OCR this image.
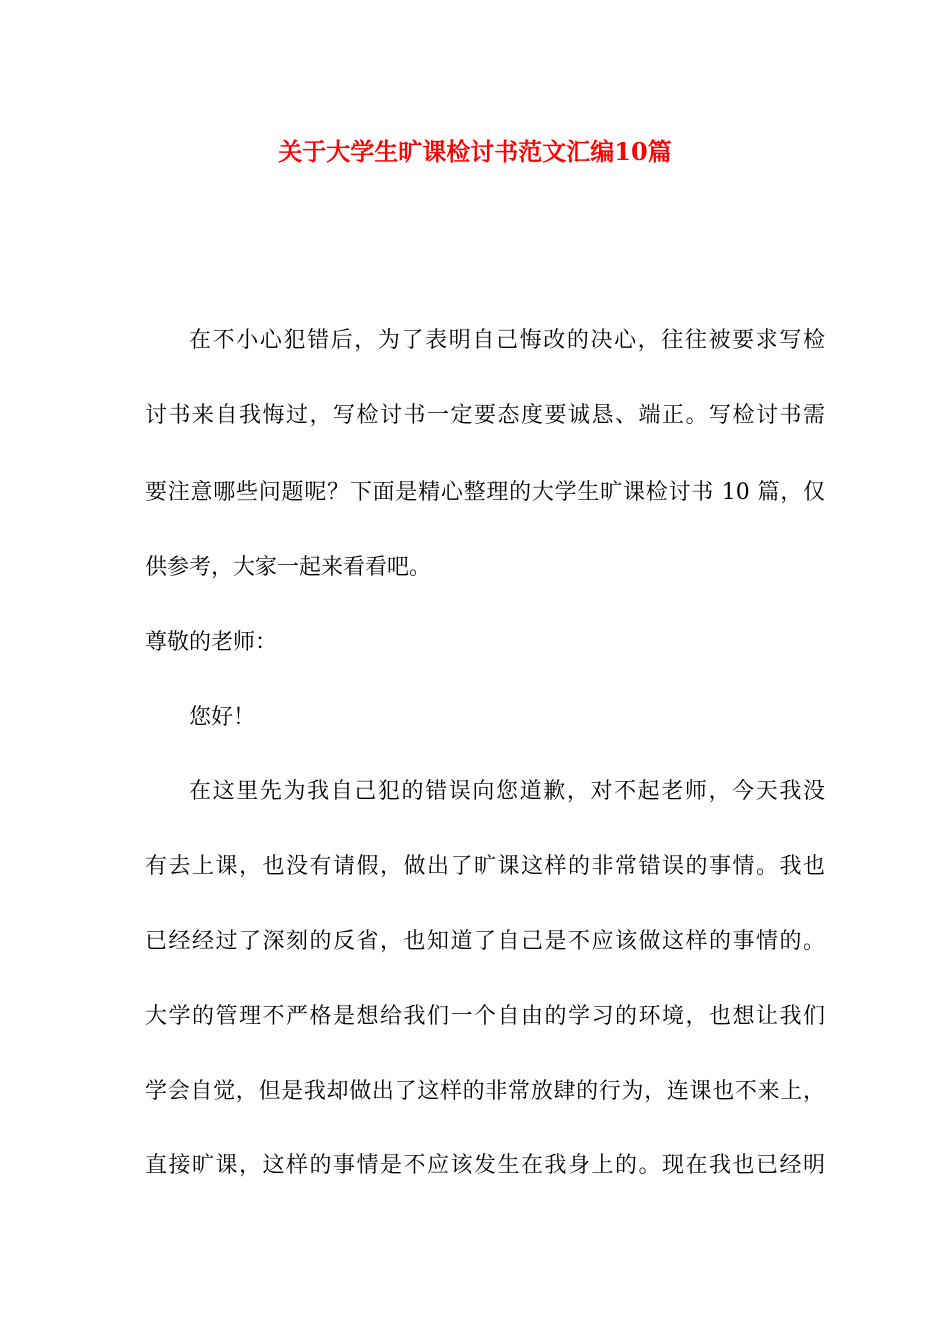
关于大学生旷课检讨书范文汇编10篇
在不小心犯错后，为了表明自己悔改的决心，往往被要求写检
讨书来自我悔过，写检讨书一定要态度要诚恳、端正。写检讨书需
要注意哪些问题呢？下面是精心整理的大学生旷课检讨书 10 篇，仅
供参考，大家一起来看看吧。
尊敬的老师：
您好！
在这里先为我自己犯的错误向您道歉，对不起老师，今天我没
有去上课，也没有请假，做出了旷课这样的非常错误的事情。我也
已经经过了深刻的反省，也知道了自己是不应该做这样的事情的。
大学的管理不严格是想给我们一个自由的学习的环境，也想让我们
学会自觉，但是我却做出了这样的非常放肆的行为，连课也不来上，
直接旷课，这样的事情是不应该发生在我身上的。现在我也已经明
